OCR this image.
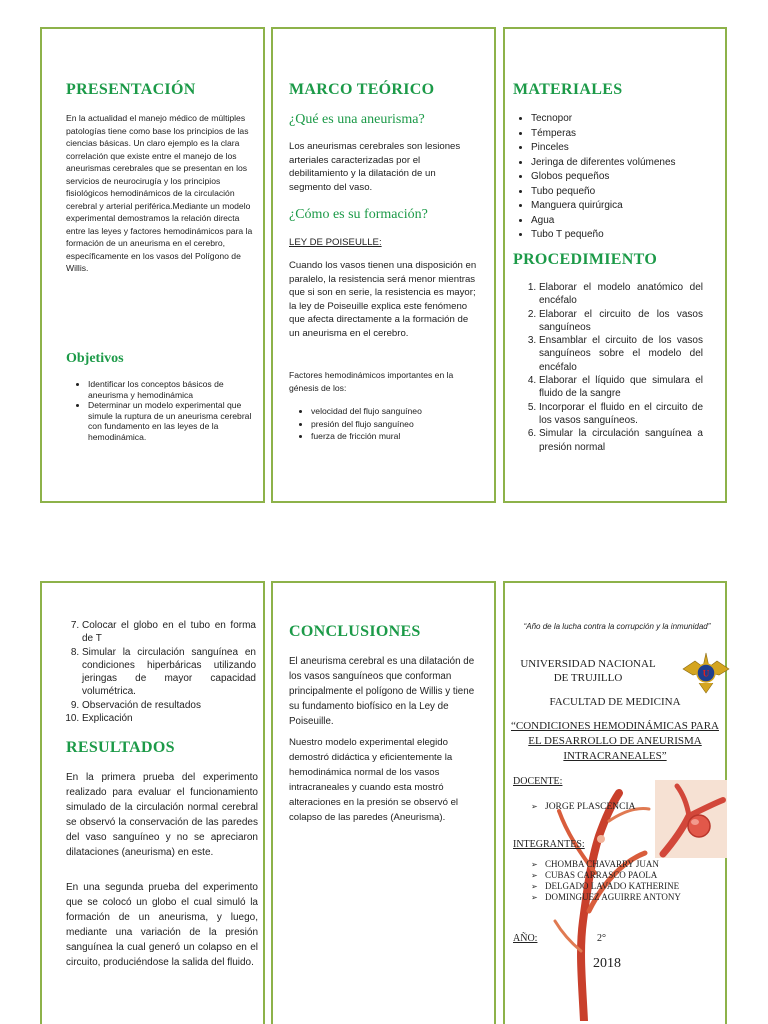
PRESENTACIÓN
En la actualidad el manejo médico de múltiples patologías tiene como base los principios de las ciencias básicas. Un claro ejemplo es la clara correlación que existe entre el manejo de los aneurismas cerebrales que se presentan en los servicios de neurocirugía y los principios fisiológicos hemodinámicos de la circulación cerebral y arterial periférica.Mediante un modelo experimental demostramos la relación directa entre las leyes y factores hemodinámicos para la formación de un aneurisma en el cerebro, específicamente en los vasos del Polígono de Willis.
Objetivos
• Identificar los conceptos básicos de aneurisma y hemodinámica
• Determinar un modelo experimental que simule la ruptura de un aneurisma cerebral con fundamento en las leyes de la hemodinámica.
MARCO TEÓRICO
¿Qué es una aneurisma?
Los aneurismas cerebrales son lesiones arteriales caracterizadas por el debilitamiento y la dilatación de un segmento del vaso.
¿Cómo es su formación?
LEY DE POISEULLE:
Cuando los vasos tienen una disposición en paralelo, la resistencia será menor mientras que si son en serie, la resistencia es mayor; la ley de Poiseuille explica este fenómeno que afecta directamente a la formación de un aneurisma en el cerebro.
Factores hemodinámicos importantes en la génesis de los:
• velocidad del flujo sanguíneo
• presión del flujo sanguíneo
• fuerza de fricción mural
MATERIALES
• Tecnopor
• Témperas
• Pinceles
• Jeringa de diferentes volúmenes
• Globos pequeños
• Tubo pequeño
• Manguera quirúrgica
• Agua
• Tubo T pequeño
PROCEDIMIENTO
1. Elaborar el modelo anatómico del encéfalo
2. Elaborar el circuito de los vasos sanguíneos
3. Ensamblar el circuito de los vasos sanguíneos sobre el modelo del encéfalo
4. Elaborar el líquido que simulara el fluido de la sangre
5. Incorporar el fluido en el circuito de los vasos sanguíneos.
6. Simular la circulación sanguínea a presión normal
7. Colocar el globo en el tubo en forma de T
8. Simular la circulación sanguínea en condiciones hiperbáricas utilizando jeringas de mayor capacidad volumétrica.
9. Observación de resultados
10. Explicación
RESULTADOS
En la primera prueba del experimento realizado para evaluar el funcionamiento simulado de la circulación normal cerebral se observó la conservación de las paredes del vaso sanguíneo y no se apreciaron dilataciones (aneurisma) en este.
En una segunda prueba del experimento que se colocó un globo el cual simuló la formación de un aneurisma, y luego, mediante una variación de la presión sanguínea la cual generó un colapso en el circuito, produciéndose la salida del fluido.
CONCLUSIONES
El aneurisma cerebral es una dilatación de los vasos sanguíneos que conforman principalmente el polígono de Willis y tiene su fundamento biofísico en la Ley de Poiseuille.
Nuestro modelo experimental elegido demostró didáctica y eficientemente la hemodinámica normal de los vasos intracraneales y cuando esta mostró alteraciones en la presión se observó el colapso de las paredes (Aneurisma).
“Año de la lucha contra la corrupción y la inmunidad”
UNIVERSIDAD NACIONAL DE TRUJILLO	U
FACULTAD DE MEDICINA
“CONDICIONES HEMODINÁMICAS PARA EL DESARROLLO DE ANEURISMA INTRACRANEALES”
DOCENTE:
➢ JORGE PLASCENCIA
INTEGRANTES:
➢ CHOMBA CHAVARRY JUAN
➢ CUBAS CARRASCO PAOLA
➢ DELGADO LAVADO KATHERINE
➢ DOMINGUEZ AGUIRRE ANTONY
AÑO:	2°
2018
